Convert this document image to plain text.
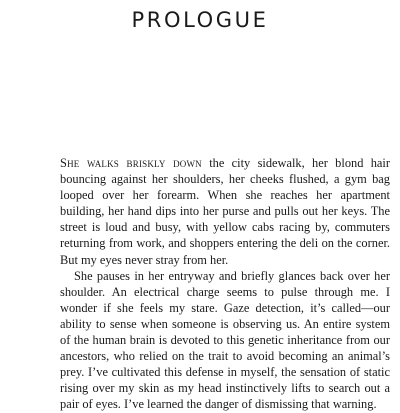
PROLOGUE

She walks briskly down the city sidewalk, her blond hair bouncing against her shoulders, her cheeks flushed, a gym bag looped over her forearm. When she reaches her apartment building, her hand dips into her purse and pulls out her keys. The street is loud and busy, with yellow cabs racing by, commuters returning from work, and shoppers entering the deli on the corner. But my eyes never stray from her.

She pauses in her entryway and briefly glances back over her shoulder. An electrical charge seems to pulse through me. I wonder if she feels my stare. Gaze detection, it’s called—our ability to sense when someone is observing us. An entire system of the human brain is devoted to this genetic inheritance from our ancestors, who relied on the trait to avoid becoming an animal’s prey. I’ve cultivated this defense in myself, the sensation of static rising over my skin as my head instinctively lifts to search out a pair of eyes. I’ve learned the danger of dismissing that warning.
